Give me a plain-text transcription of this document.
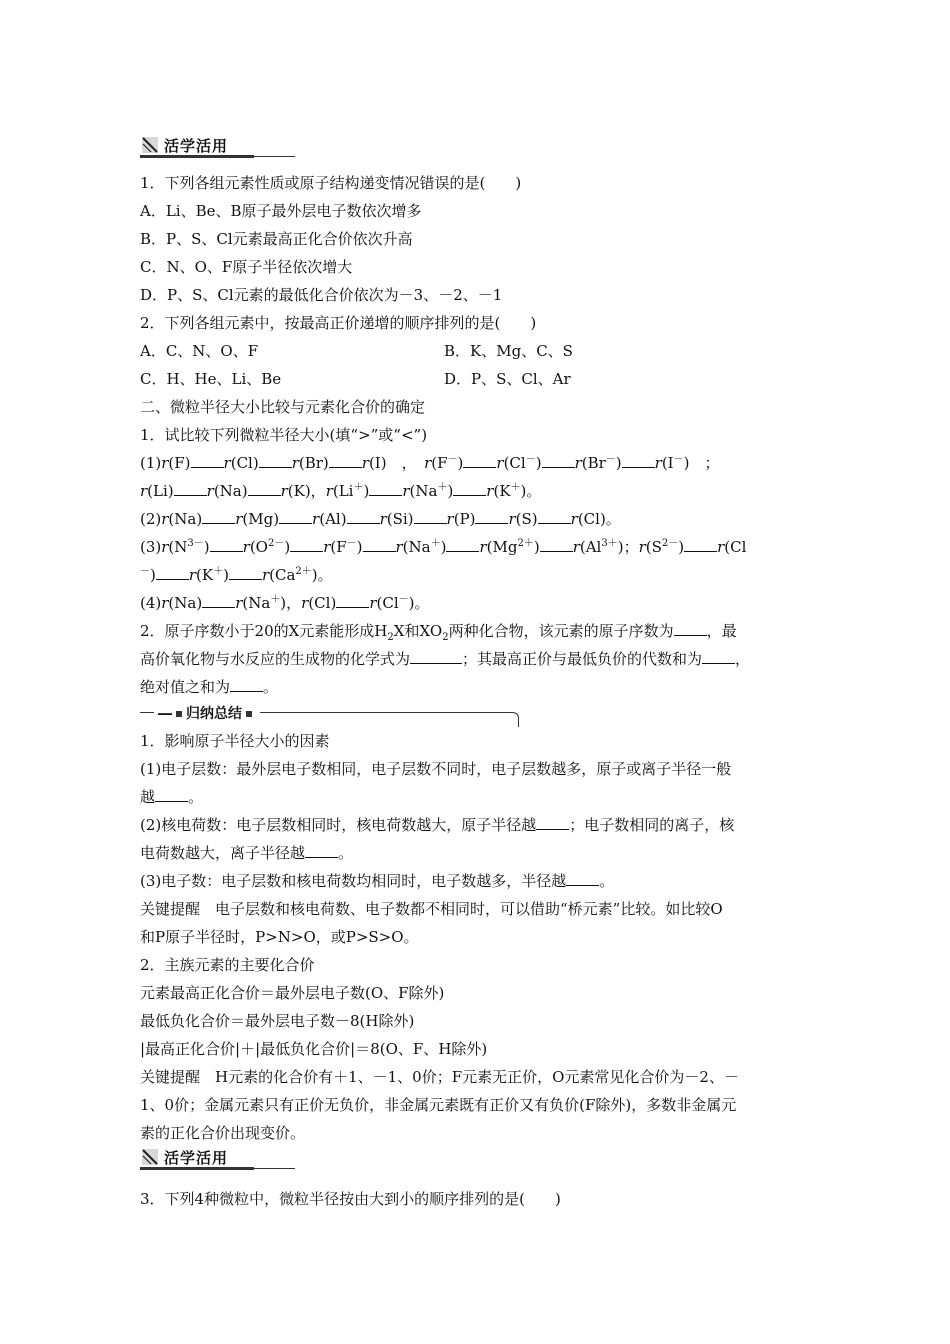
活学活用
1．下列各组元素性质或原子结构递变情况错误的是(　　)
A．Li、Be、B原子最外层电子数依次增多
B．P、S、Cl元素最高正化合价依次升高
C．N、O、F原子半径依次增大
D．P、S、Cl元素的最低化合价依次为－3、－2、－1
2．下列各组元素中，按最高正价递增的顺序排列的是(　　)
A．C、N、O、F	B．K、Mg、C、S
C．H、He、Li、Be	D．P、S、Cl、Ar
二、微粒半径大小比较与元素化合价的确定
1．试比较下列微粒半径大小(填“>”或“<”)
(1)r(F) r(Cl) r(Br) r(I)　，　r(F－) r(Cl－) r(Br－) r(I－)　；
r(Li) r(Na) r(K)，r(Li＋) r(Na＋) r(K＋)。
(2)r(Na) r(Mg) r(Al) r(Si) r(P) r(S) r(Cl)。
$(3)r(N^{3-})$ $r(O^{2-})$ r(F－) r(Na＋) $r(Mg^{2+})$ $r(Al^{3+})$；$r(S^{2-})$ r(Cl
－) r(K＋) $r(Ca^{2+})$。
(4)r(Na) r(Na＋)，r(Cl) r(Cl－)。
2．原子序数小于20的X元素能形成$H_2X$和$XO_2$两种化合物，该元素的原子序数为 ，最
高价氧化物与水反应的生成物的化学式为	；其最高正价与最低负价的代数和为 ，
绝对值之和为 。
― 归纳总结
1．影响原子半径大小的因素
(1)电子层数：最外层电子数相同，电子层数不同时，电子层数越多，原子或离子半径一般
越 。
(2)核电荷数：电子层数相同时，核电荷数越大，原子半径越 ；电子数相同的离子，核
电荷数越大，离子半径越 。
(3)电子数：电子层数和核电荷数均相同时，电子数越多，半径越 。
关键提醒　电子层数和核电荷数、电子数都不相同时，可以借助“桥元素”比较。如比较O
和P原子半径时，P>N>O，或P>S>O。
2．主族元素的主要化合价
元素最高正化合价＝最外层电子数(O、F除外)
最低负化合价＝最外层电子数－8(H除外)
|最高正化合价|＋|最低负化合价|＝8(O、F、H除外)
关键提醒　H元素的化合价有＋1、－1、0价；F元素无正价，O元素常见化合价为－2、－
1、0价；金属元素只有正价无负价，非金属元素既有正价又有负价(F除外)，多数非金属元
素的正化合价出现变价。
活学活用
3．下列4种微粒中，微粒半径按由大到小的顺序排列的是(　　)
